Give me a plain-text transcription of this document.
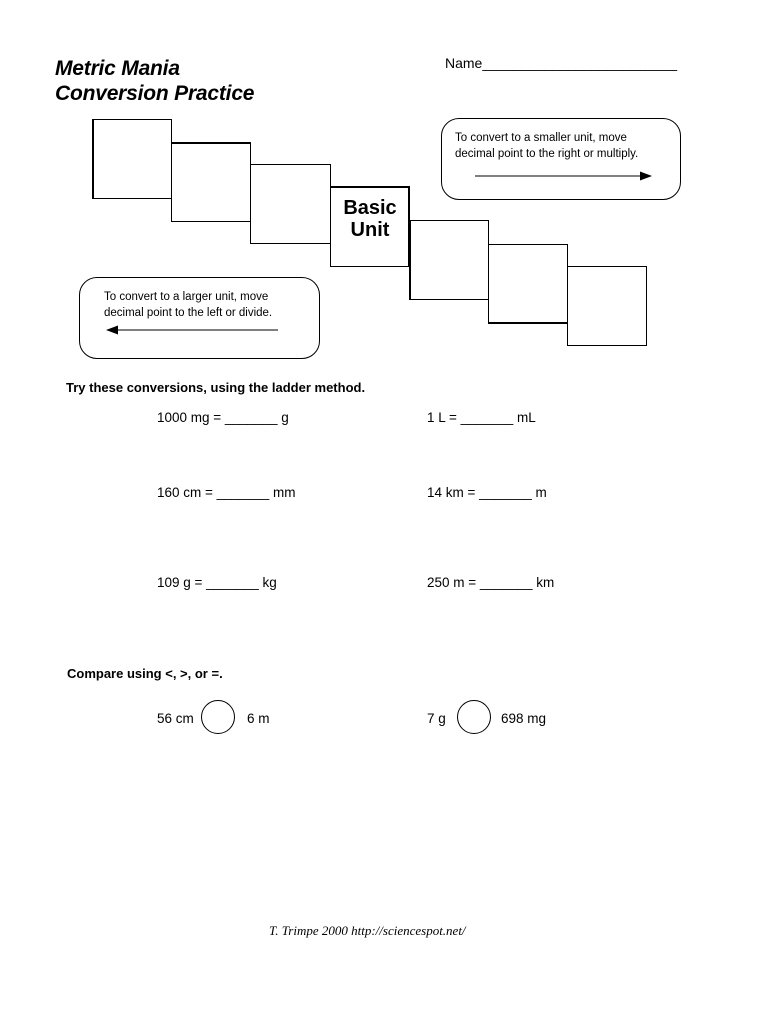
Metric Mania
Conversion Practice
Name_________________________
Basic
Unit
To convert to a smaller unit, move
decimal point to the right or multiply.
To convert to a larger unit, move
decimal point to the left or divide.
Try these conversions, using the ladder method.
1000 mg = _______ g	1 L = _______ mL
160 cm = _______ mm	14 km = _______ m
109 g = _______ kg	250 m = _______ km
Compare using <, >, or =.
56 cm	6 m	7 g	698 mg
T. Trimpe 2000 http://sciencespot.net/
